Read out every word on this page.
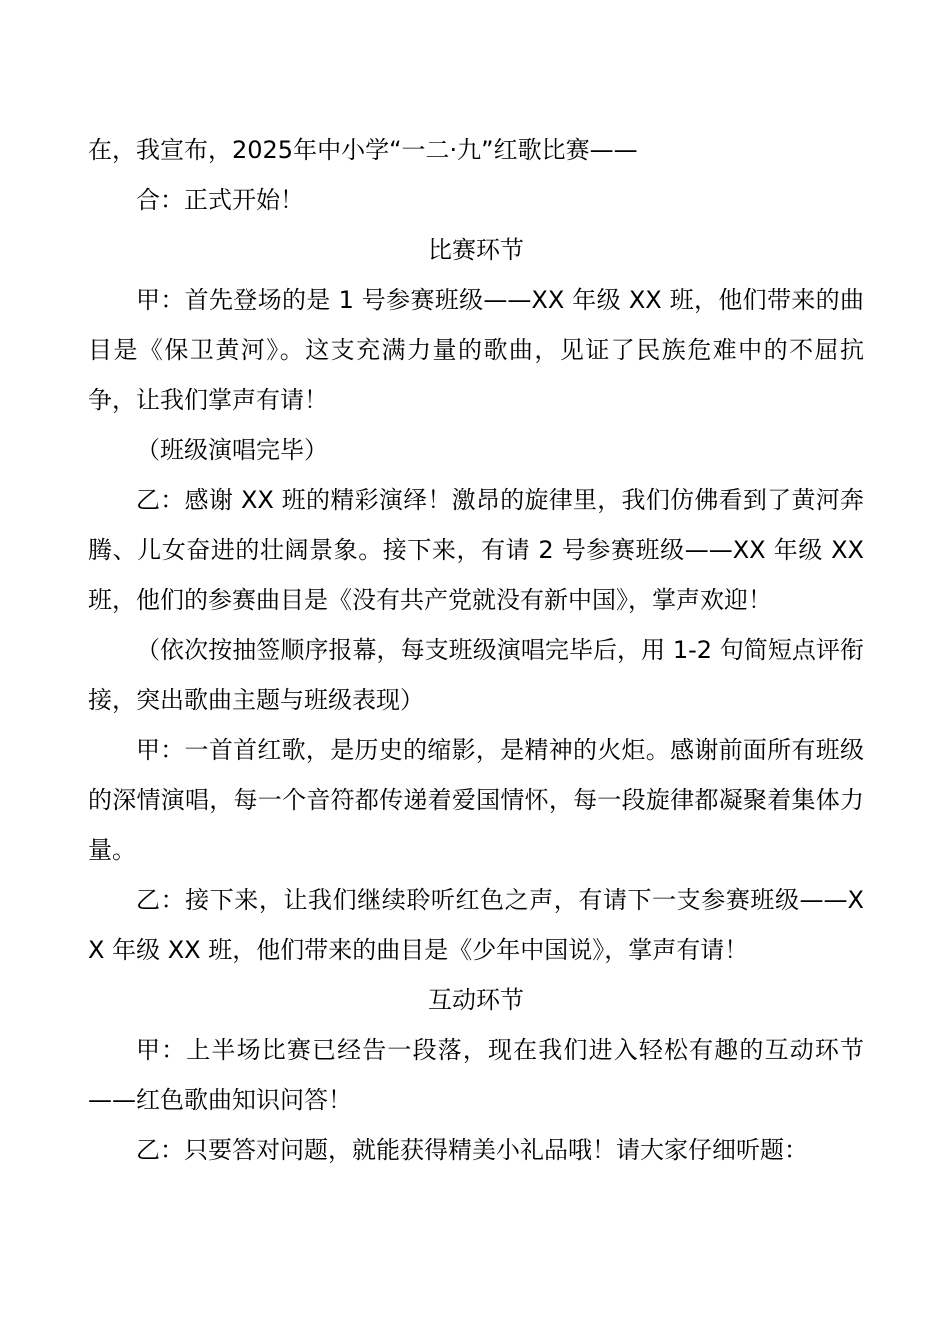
在，我宣布，2025年中小学“一二·九”红歌比赛——

合：正式开始！

比赛环节

甲：首先登场的是 1 号参赛班级——XX 年级 XX 班，他们带来的曲目是《保卫黄河》。这支充满力量的歌曲，见证了民族危难中的不屈抗争，让我们掌声有请！

（班级演唱完毕）

乙：感谢 XX 班的精彩演绎！激昂的旋律里，我们仿佛看到了黄河奔腾、儿女奋进的壮阔景象。接下来，有请 2 号参赛班级——XX 年级 XX 班，他们的参赛曲目是《没有共产党就没有新中国》，掌声欢迎！

（依次按抽签顺序报幕，每支班级演唱完毕后，用 1-2 句简短点评衔接，突出歌曲主题与班级表现）

甲：一首首红歌，是历史的缩影，是精神的火炬。感谢前面所有班级的深情演唱，每一个音符都传递着爱国情怀，每一段旋律都凝聚着集体力量。

乙：接下来，让我们继续聆听红色之声，有请下一支参赛班级——XX 年级 XX 班，他们带来的曲目是《少年中国说》，掌声有请！

互动环节

甲：上半场比赛已经告一段落，现在我们进入轻松有趣的互动环节——红色歌曲知识问答！

乙：只要答对问题，就能获得精美小礼品哦！请大家仔细听题：
